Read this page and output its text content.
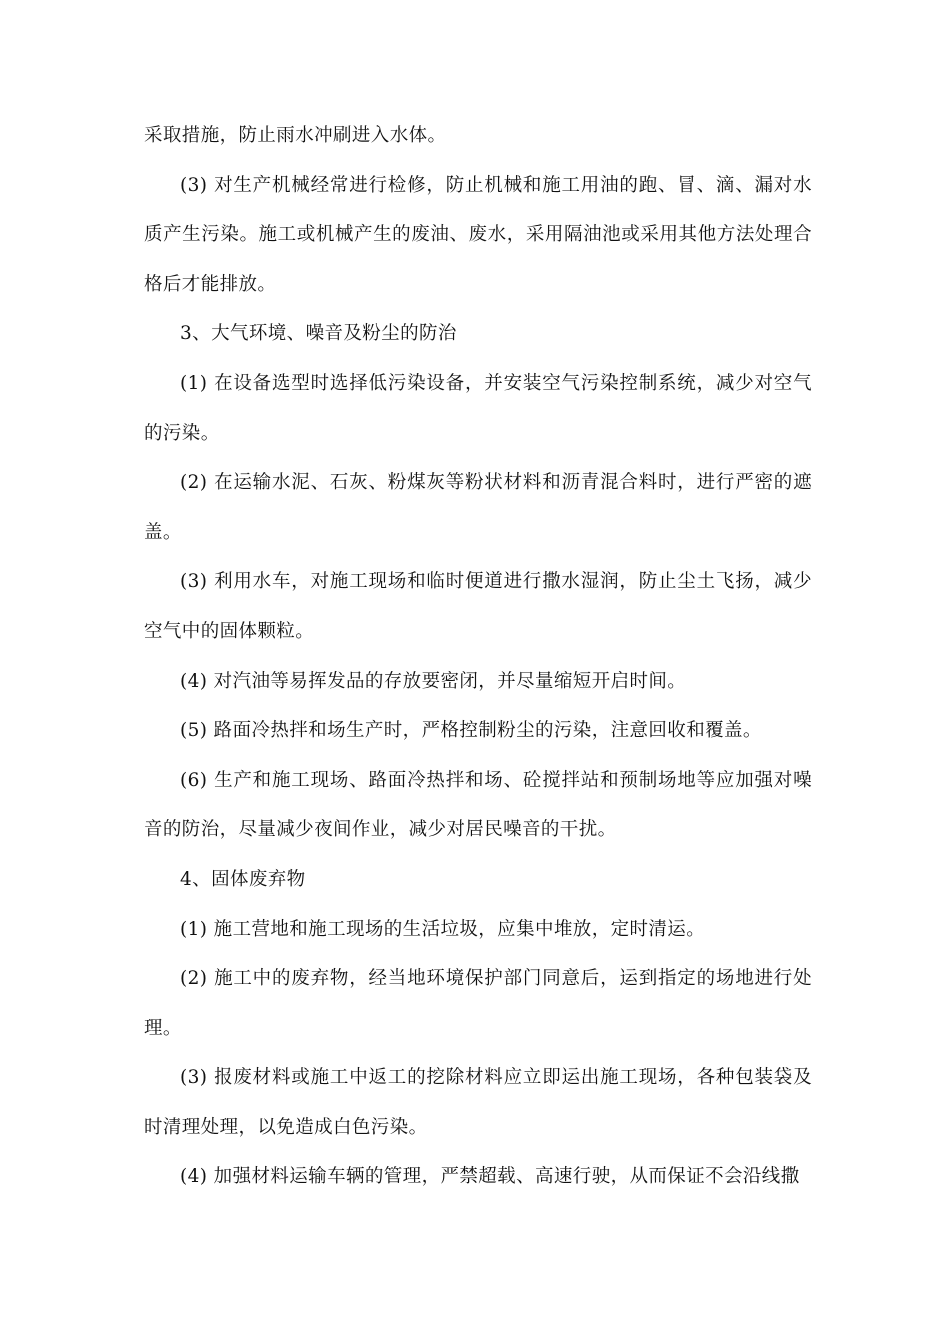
采取措施，防止雨水冲刷进入水体。

(3) 对生产机械经常进行检修，防止机械和施工用油的跑、冒、滴、漏对水质产生污染。施工或机械产生的废油、废水，采用隔油池或采用其他方法处理合格后才能排放。

3、大气环境、噪音及粉尘的防治

(1) 在设备选型时选择低污染设备，并安装空气污染控制系统，减少对空气的污染。

(2) 在运输水泥、石灰、粉煤灰等粉状材料和沥青混合料时，进行严密的遮盖。

(3) 利用水车，对施工现场和临时便道进行撒水湿润，防止尘土飞扬，减少空气中的固体颗粒。

(4) 对汽油等易挥发品的存放要密闭，并尽量缩短开启时间。

(5) 路面冷热拌和场生产时，严格控制粉尘的污染，注意回收和覆盖。

(6) 生产和施工现场、路面冷热拌和场、砼搅拌站和预制场地等应加强对噪音的防治，尽量减少夜间作业，减少对居民噪音的干扰。

4、固体废弃物

(1) 施工营地和施工现场的生活垃圾，应集中堆放，定时清运。

(2) 施工中的废弃物，经当地环境保护部门同意后，运到指定的场地进行处理。

(3) 报废材料或施工中返工的挖除材料应立即运出施工现场，各种包装袋及时清理处理，以免造成白色污染。

(4) 加强材料运输车辆的管理，严禁超载、高速行驶，从而保证不会沿线撒
